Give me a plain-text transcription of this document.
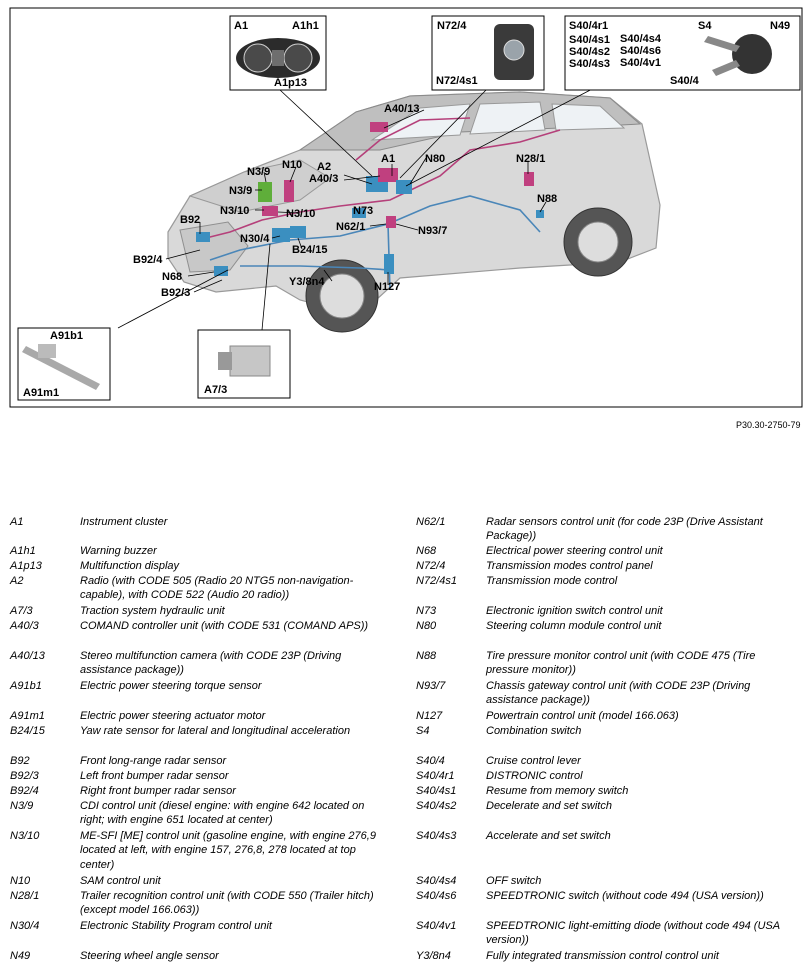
A1	A1h1
A1p13
N72/4
N72/4s1
S40/4r1
S40/4s1
S40/4s2
S40/4s3
S40/4s4
S40/4s6
S40/4v1
S4	N49
S40/4
A40/13
N10 A2
A40/3
A1	N80	N28/1
N3/9
N3/9
N3/10	N3/10	N73
N62/1	N93/7
N88
B92
N30/4
B24/15
B92/4
Y3/8n4
N68
B92/3	N127
A91b1
A91m1	A7/3
P30.30-2750-79
A1	Instrument cluster
A1h1	Warning buzzer
A1p13	Multifunction display
A2	Radio (with CODE 505 (Radio 20 NTG5 non-navigation-capable), with CODE 522 (Audio 20 radio))
A7/3	Traction system hydraulic unit
A40/3	COMAND controller unit (with CODE 531 (COMAND APS))
A40/13	Stereo multifunction camera (with CODE 23P (Driving assistance package))
A91b1	Electric power steering torque sensor
A91m1	Electric power steering actuator motor
B24/15	Yaw rate sensor for lateral and longitudinal acceleration
B92	Front long-range radar sensor
B92/3	Left front bumper radar sensor
B92/4	Right front bumper radar sensor
N3/9	CDI control unit (diesel engine: with engine 642 located on right; with engine 651 located at center)
N3/10	ME-SFI [ME] control unit (gasoline engine, with engine 276,9 located at left, with engine 157, 276,8, 278 located at top center)
N10	SAM control unit
N28/1	Trailer recognition control unit (with CODE 550 (Trailer hitch) (except model 166.063))
N30/4	Electronic Stability Program control unit
N49	Steering wheel angle sensor
N62/1	Radar sensors control unit (for code 23P (Drive Assistant Package))
N68	Electrical power steering control unit
N72/4	Transmission modes control panel
N72/4s1	Transmission mode control
N73	Electronic ignition switch control unit
N80	Steering column module control unit
N88	Tire pressure monitor control unit (with CODE 475 (Tire pressure monitor))
N93/7	Chassis gateway control unit (with CODE 23P (Driving assistance package))
N127	Powertrain control unit (model 166.063)
S4	Combination switch
S40/4	Cruise control lever
S40/4r1	DISTRONIC control
S40/4s1	Resume from memory switch
S40/4s2	Decelerate and set switch
S40/4s3	Accelerate and set switch
S40/4s4	OFF switch
S40/4s6	SPEEDTRONIC switch (without code 494 (USA version))
S40/4v1	SPEEDTRONIC light-emitting diode (without code 494 (USA version))
Y3/8n4	Fully integrated transmission control control unit
